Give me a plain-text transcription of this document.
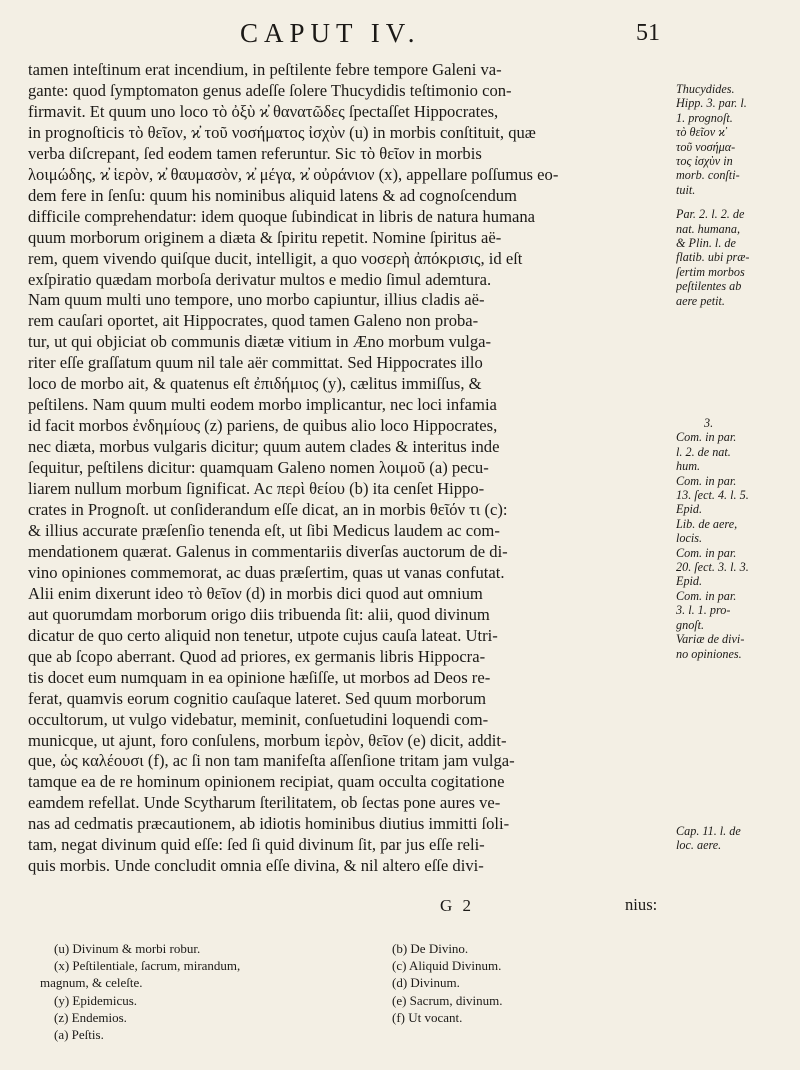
CAPUT IV.	51
tamen inteſtinum erat incendium, in peſtilente febre tempore Galeni va-
gante: quod ſymptomaton genus adeſſe ſolere Thucydidis teſtimonio con-
firmavit. Et quum uno loco τὸ ὀξὺ ϰ̓ θανατῶδες ſpectaſſet Hippocrates,
in prognoſticis τὸ θεῖον, ϰ̓ τοῦ νοσήματος ἰσχὺν (u) in morbis conſtituit, quæ
verba diſcrepant, ſed eodem tamen referuntur. Sic τὸ θεῖον in morbis
λοιμώδης, ϰ̓ ἱερὸν, ϰ̓ θαυμασὸν, ϰ̓ μέγα, ϰ̓ οὐράνιον (x), appellare poſſumus eo-
dem fere in ſenſu: quum his nominibus aliquid latens & ad cognoſcendum
difficile comprehendatur: idem quoque ſubindicat in libris de natura humana
quum morborum originem a diæta & ſpiritu repetit. Nomine ſpiritus aë-
rem, quem vivendo quiſque ducit, intelligit, a quo νοσερὴ ἀπόκρισις, id eſt
exſpiratio quædam morboſa derivatur multos e medio ſimul ademtura.
Nam quum multi uno tempore, uno morbo capiuntur, illius cladis aë-
rem cauſari oportet, ait Hippocrates, quod tamen Galeno non proba-
tur, ut qui objiciat ob communis diætæ vitium in Æno morbum vulga-
riter eſſe graſſatum quum nil tale aër committat. Sed Hippocrates illo
loco de morbo ait, & quatenus eſt ἐπιδήμιος (y), cælitus immiſſus, &
peſtilens. Nam quum multi eodem morbo implicantur, nec loci infamia
id facit morbos ἐνδημίους (z) pariens, de quibus alio loco Hippocrates,
nec diæta, morbus vulgaris dicitur; quum autem clades & interitus inde
ſequitur, peſtilens dicitur: quamquam Galeno nomen λοιμοῦ (a) pecu-
liarem nullum morbum ſignificat. Ac περὶ θείου (b) ita cenſet Hippo-
crates in Prognoſt. ut conſiderandum eſſe dicat, an in morbis θεῖόν τι (c):
& illius accurate præſenſio tenenda eſt, ut ſibi Medicus laudem ac com-
mendationem quærat. Galenus in commentariis diverſas auctorum de di-
vino opiniones commemorat, ac duas præſertim, quas ut vanas confutat.
Alii enim dixerunt ideo τὸ θεῖον (d) in morbis dici quod aut omnium
aut quorumdam morborum origo diis tribuenda ſit: alii, quod divinum
dicatur de quo certo aliquid non tenetur, utpote cujus cauſa lateat. Utri-
que ab ſcopo aberrant. Quod ad priores, ex germanis libris Hippocra-
tis docet eum numquam in ea opinione hæſiſſe, ut morbos ad Deos re-
ferat, quamvis eorum cognitio cauſaque lateret. Sed quum morborum
occultorum, ut vulgo videbatur, meminit, conſuetudini loquendi com-
municque, ut ajunt, foro conſulens, morbum ἱερὸν, θεῖον (e) dicit, addit-
que, ὡς καλέουσι (f), ac ſi non tam manifeſta aſſenſione tritam jam vulga-
tamque ea de re hominum opinionem recipiat, quam occulta cogitatione
eamdem refellat. Unde Scytharum ſterilitatem, ob ſectas pone aures ve-
nas ad cedmatis præcautionem, ab idiotis hominibus diutius immitti ſoli-
tam, negat divinum quid eſſe: ſed ſi quid divinum ſit, par jus eſſe reli-
quis morbis. Unde concludit omnia eſſe divina, & nil altero eſſe divi-
Thucydides.
Hipp. 3. par. l.
1. prognoſt.
τὸ θεῖον ϰ̓
τοῦ νοσήμα-
τος ἰσχὺν in
morb. conſti-
tuit.
Par. 2. l. 2. de
nat. humana,
& Plin. l. de
flatib. ubi præ-
ſertim morbos
peſtilentes ab
aere petit.
3.
Com. in par.
l. 2. de nat.
hum.
Com. in par.
13. ſect. 4. l. 5.
Epid.
Lib. de aere,
locis.
Com. in par.
20. ſect. 3. l. 3.
Epid.
Com. in par.
3. l. 1. pro-
gnoſt.
Variæ de divi-
no opiniones.
Cap. 11. l. de
loc. aere.
G 2	nius:
(u) Divinum & morbi robur.
(x) Peſtilentiale, ſacrum, mirandum,
magnum, & celeſte.
(y) Epidemicus.
(z) Endemios.
(a) Peſtis.
(b) De Divino.
(c) Aliquid Divinum.
(d) Divinum.
(e) Sacrum, divinum.
(f) Ut vocant.
